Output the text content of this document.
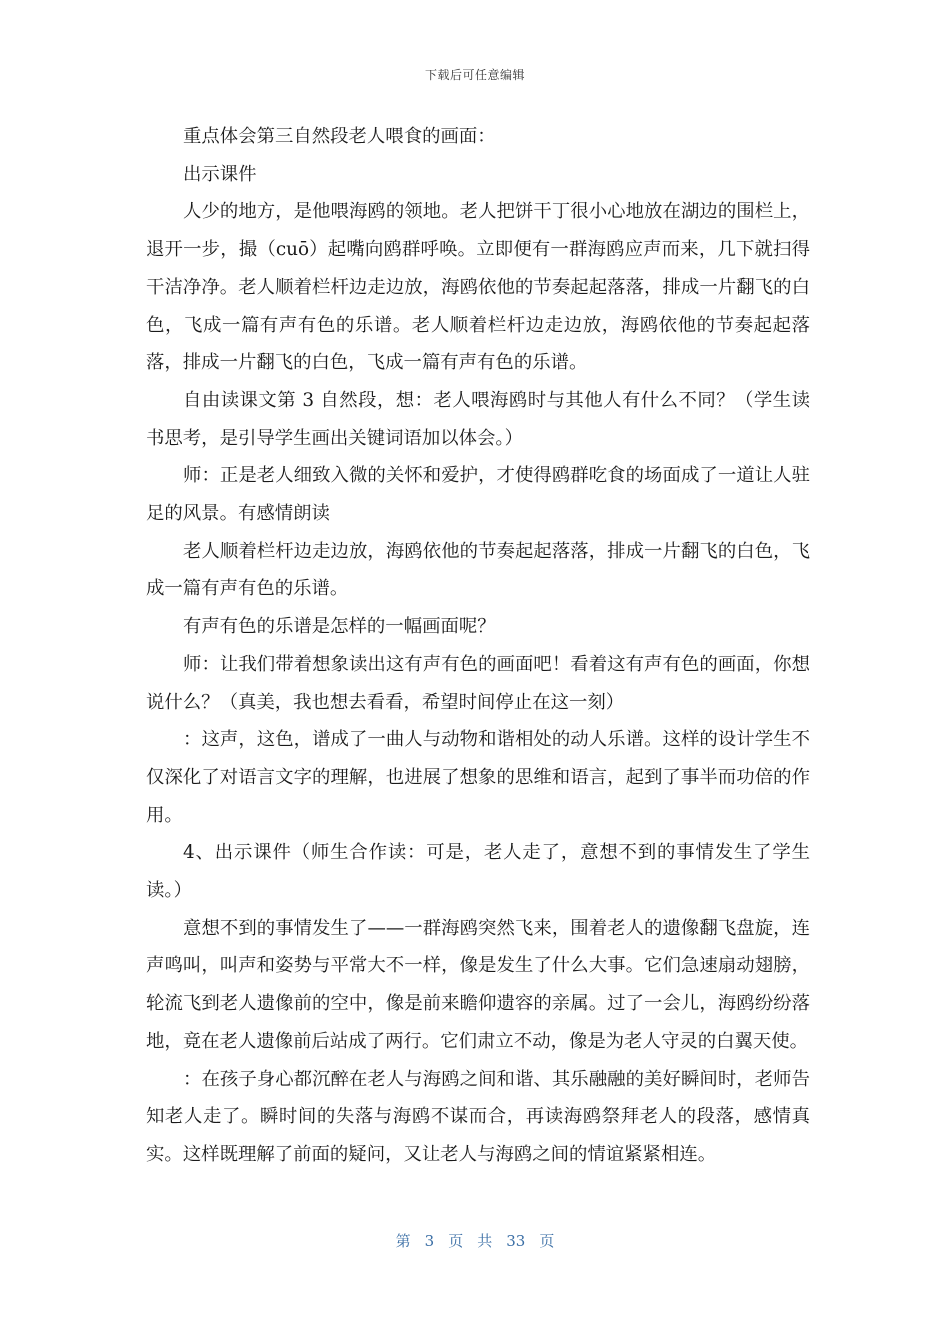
下载后可任意编辑

重点体会第三自然段老人喂食的画面：

出示课件

人少的地方，是他喂海鸥的领地。老人把饼干丁很小心地放在湖边的围栏上，退开一步，撮（cuō）起嘴向鸥群呼唤。立即便有一群海鸥应声而来，几下就扫得干洁净净。老人顺着栏杆边走边放，海鸥依他的节奏起起落落，排成一片翻飞的白色，飞成一篇有声有色的乐谱。老人顺着栏杆边走边放，海鸥依他的节奏起起落落，排成一片翻飞的白色，飞成一篇有声有色的乐谱。

自由读课文第 3 自然段，想：老人喂海鸥时与其他人有什么不同？（学生读书思考，是引导学生画出关键词语加以体会。）

师：正是老人细致入微的关怀和爱护，才使得鸥群吃食的场面成了一道让人驻足的风景。有感情朗读

老人顺着栏杆边走边放，海鸥依他的节奏起起落落，排成一片翻飞的白色，飞成一篇有声有色的乐谱。

有声有色的乐谱是怎样的一幅画面呢？

师：让我们带着想象读出这有声有色的画面吧！看着这有声有色的画面，你想说什么？（真美，我也想去看看，希望时间停止在这一刻）

：这声，这色，谱成了一曲人与动物和谐相处的动人乐谱。这样的设计学生不仅深化了对语言文字的理解，也进展了想象的思维和语言，起到了事半而功倍的作用。

4、出示课件（师生合作读：可是，老人走了，意想不到的事情发生了学生读。）

意想不到的事情发生了——一群海鸥突然飞来，围着老人的遗像翻飞盘旋，连声鸣叫，叫声和姿势与平常大不一样，像是发生了什么大事。它们急速扇动翅膀，轮流飞到老人遗像前的空中，像是前来瞻仰遗容的亲属。过了一会儿，海鸥纷纷落地，竟在老人遗像前后站成了两行。它们肃立不动，像是为老人守灵的白翼天使。

：在孩子身心都沉醉在老人与海鸥之间和谐、其乐融融的美好瞬间时，老师告知老人走了。瞬时间的失落与海鸥不谋而合，再读海鸥祭拜老人的段落，感情真实。这样既理解了前面的疑问，又让老人与海鸥之间的情谊紧紧相连。

第 3 页 共 33 页
